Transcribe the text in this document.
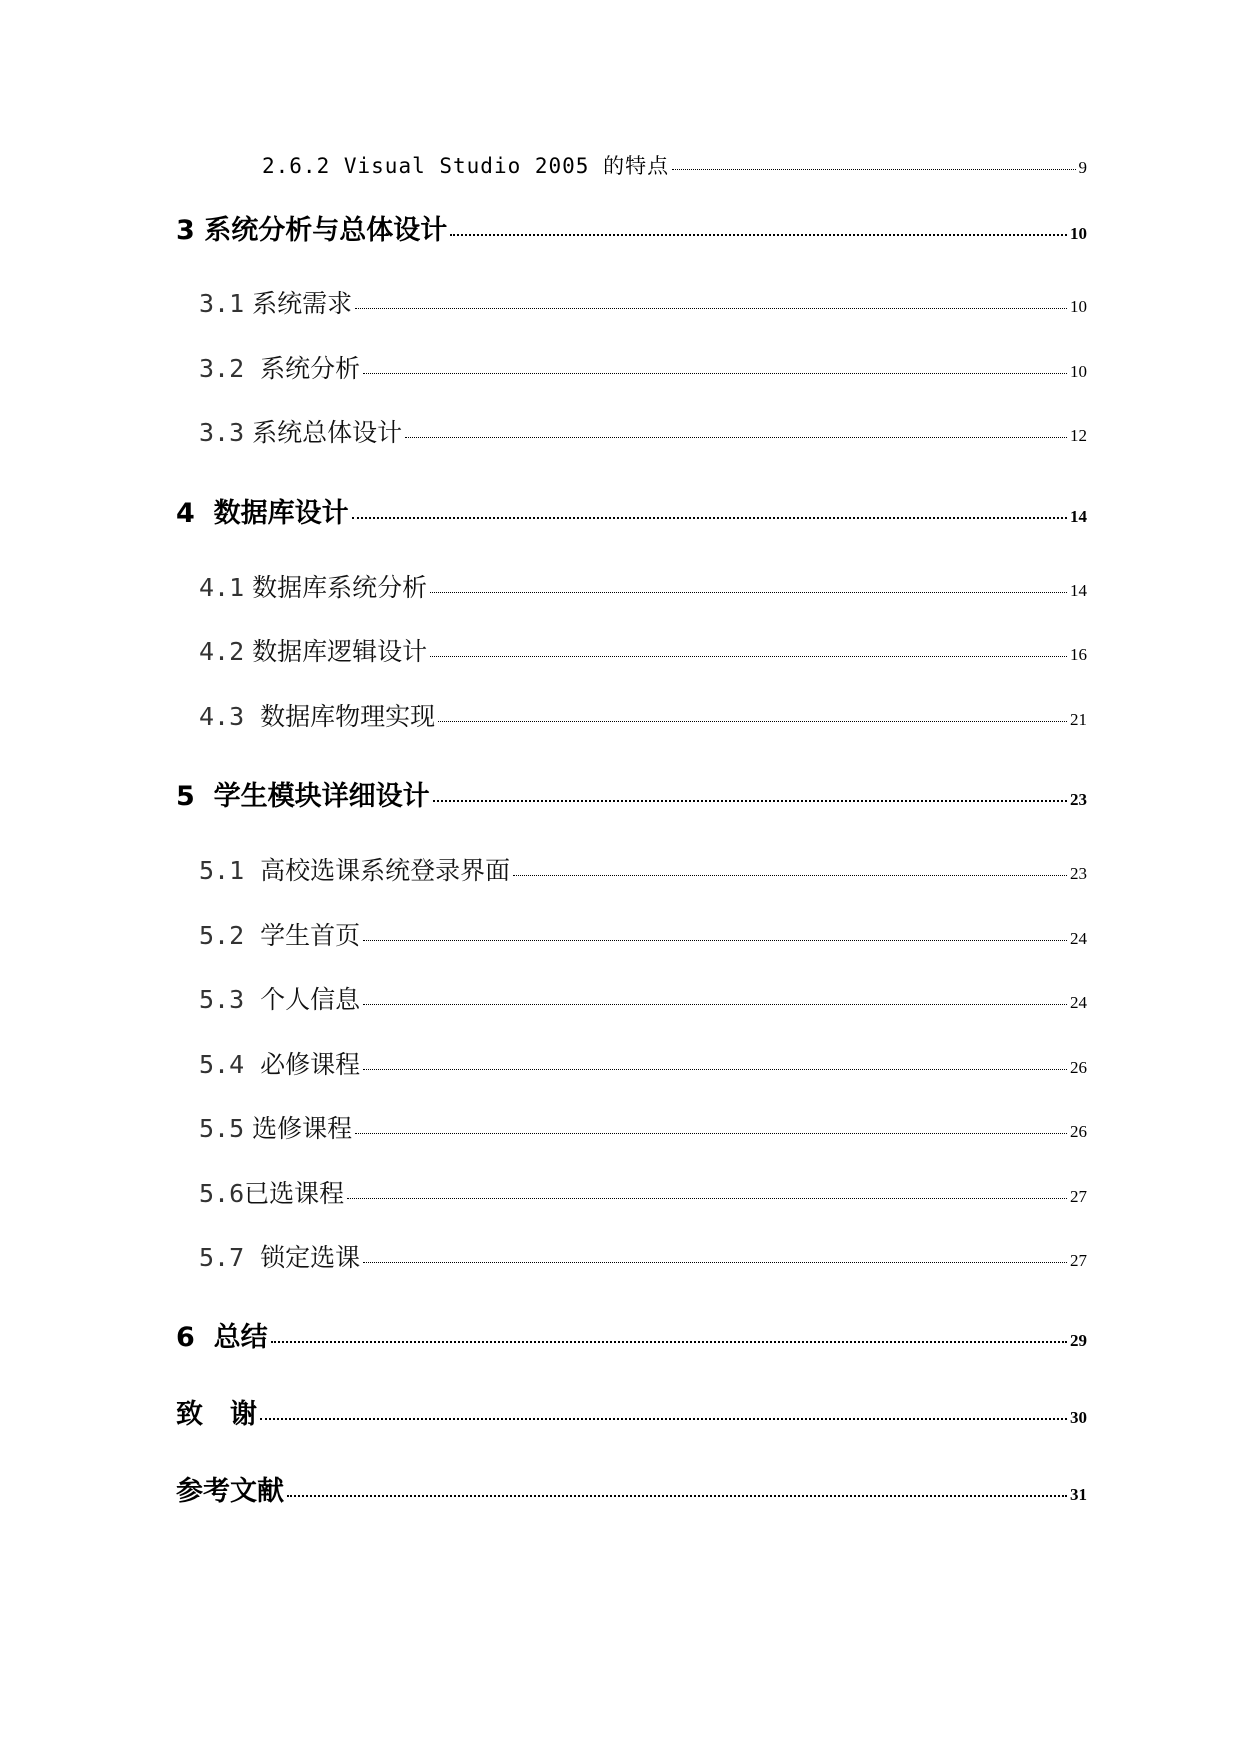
2.6.2 Visual Studio 2005 的特点	9
3 系统分析与总体设计	10
3.1 系统需求	10
3.2 系统分析	10
3.3 系统总体设计	12
4 数据库设计	14
4.1 数据库系统分析	14
4.2 数据库逻辑设计	16
4.3 数据库物理实现	21
5 学生模块详细设计	23
5.1 高校选课系统登录界面	23
5.2 学生首页	24
5.3 个人信息	24
5.4 必修课程	26
5.5 选修课程	26
5.6已选课程	27
5.7 锁定选课	27
6 总结	29
致　谢	30
参考文献	31
